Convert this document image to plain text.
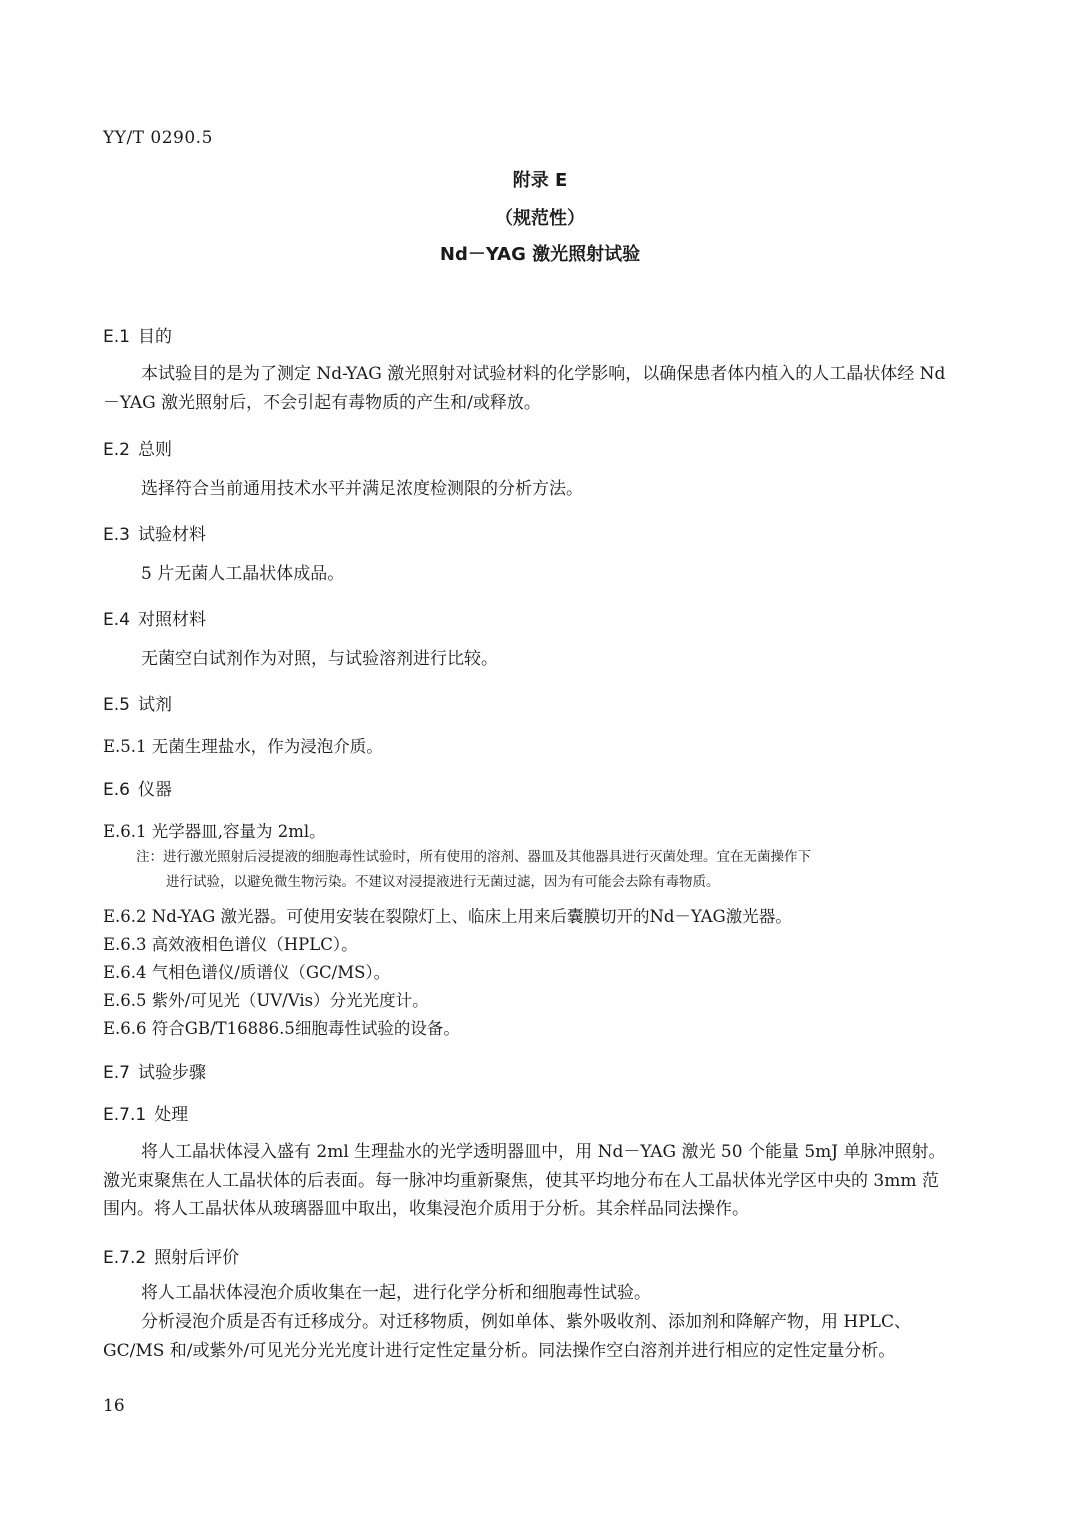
YY/T 0290.5
附录 E
（规范性）
Nd－YAG 激光照射试验
E.1 目的
本试验目的是为了测定 Nd-YAG 激光照射对试验材料的化学影响，以确保患者体内植入的人工晶状体经 Nd－YAG 激光照射后，不会引起有毒物质的产生和/或释放。
E.2 总则
选择符合当前通用技术水平并满足浓度检测限的分析方法。
E.3 试验材料
5 片无菌人工晶状体成品。
E.4 对照材料
无菌空白试剂作为对照，与试验溶剂进行比较。
E.5 试剂
E.5.1 无菌生理盐水，作为浸泡介质。
E.6 仪器
E.6.1 光学器皿,容量为 2ml。
注：进行激光照射后浸提液的细胞毒性试验时，所有使用的溶剂、器皿及其他器具进行灭菌处理。宜在无菌操作下
进行试验，以避免微生物污染。不建议对浸提液进行无菌过滤，因为有可能会去除有毒物质。
E.6.2 Nd-YAG 激光器。可使用安装在裂隙灯上、临床上用来后囊膜切开的Nd－YAG激光器。
E.6.3 高效液相色谱仪（HPLC）。
E.6.4 气相色谱仪/质谱仪（GC/MS）。
E.6.5 紫外/可见光（UV/Vis）分光光度计。
E.6.6 符合GB/T16886.5细胞毒性试验的设备。
E.7 试验步骤
E.7.1 处理
将人工晶状体浸入盛有 2ml 生理盐水的光学透明器皿中，用 Nd－YAG 激光 50 个能量 5mJ 单脉冲照射。激光束聚焦在人工晶状体的后表面。每一脉冲均重新聚焦，使其平均地分布在人工晶状体光学区中央的 3mm 范围内。将人工晶状体从玻璃器皿中取出，收集浸泡介质用于分析。其余样品同法操作。
E.7.2 照射后评价
将人工晶状体浸泡介质收集在一起，进行化学分析和细胞毒性试验。
分析浸泡介质是否有迁移成分。对迁移物质，例如单体、紫外吸收剂、添加剂和降解产物，用 HPLC、GC/MS 和/或紫外/可见光分光光度计进行定性定量分析。同法操作空白溶剂并进行相应的定性定量分析。
16
